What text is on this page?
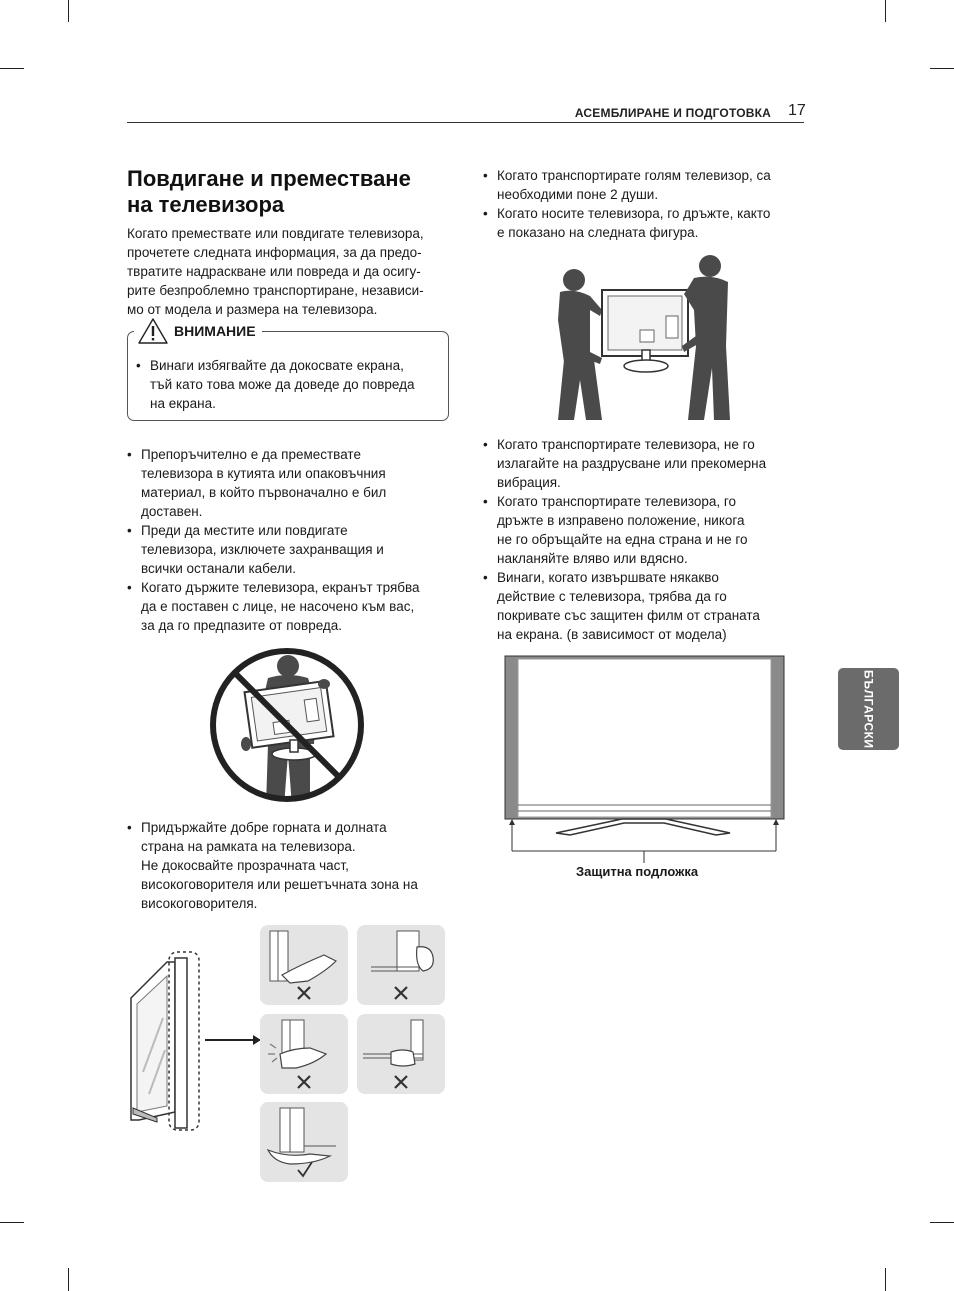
АСЕМБЛИРАНЕ И ПОДГОТОВКА 17
Повдигане и преместване
на телевизора
Когато премествате или повдигате телевизора,
прочетете следната информация, за да предо-
твратите надраскване или повреда и да осигу-
рите безпроблемно транспортиране, независи-
мо от модела и размера на телевизора.
ВНИМАНИЕ
• Винаги избягвайте да докосвате екрана,
тъй като това може да доведе до повреда
на екрана.
• Препоръчително е да премествате
телевизора в кутията или опаковъчния
материал, в който първоначално е бил
доставен.
• Преди да местите или повдигате
телевизора, изключете захранващия и
всички останали кабели.
• Когато държите телевизора, екранът трябва
да е поставен с лице, не насочено към вас,
за да го предпазите от повреда.
• Придържайте добре горната и долната
страна на рамката на телевизора.
Не докосвайте прозрачната част,
високоговорителя или решетъчната зона на
високоговорителя.
• Когато транспортирате голям телевизор, са
необходими поне 2 души.
• Когато носите телевизора, го дръжте, както
е показано на следната фигура.
• Когато транспортирате телевизора, не го
излагайте на раздрусване или прекомерна
вибрация.
• Когато транспортирате телевизора, го
дръжте в изправено положение, никога
не го обръщайте на една страна и не го
накланяйте вляво или вдясно.
• Винаги, когато извършвате някакво
действие с телевизора, трябва да го
покривате със защитен филм от страната
на екрана. (в зависимост от модела)
Защитна подложка
БЪЛГАРСКИ
